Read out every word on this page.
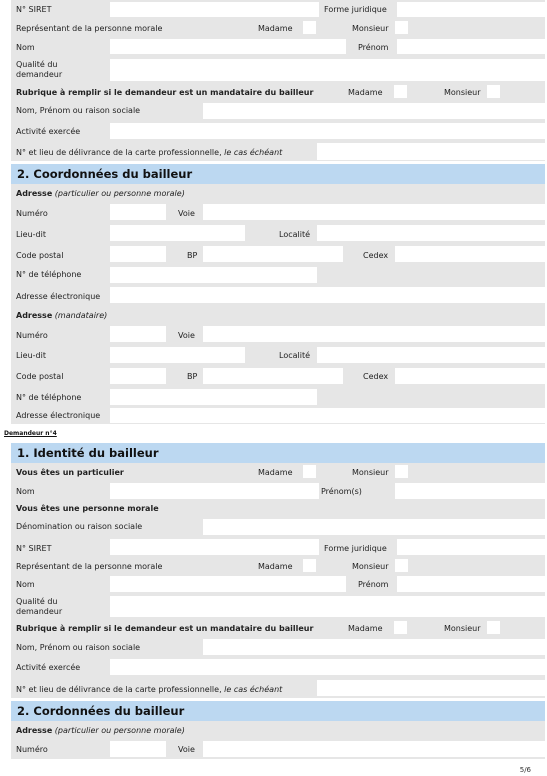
N° SIRET	Forme juridique
Représentant de la personne morale	Madame	Monsieur
Nom	Prénom
Qualité du
demandeur
Rubrique à remplir si le demandeur est un mandataire du bailleur	Madame	Monsieur
Nom, Prénom ou raison sociale
Activité exercée
N° et lieu de délivrance de la carte professionnelle, le cas échéant
2. Coordonnées du bailleur
Adresse (particulier ou personne morale)
Numéro	Voie
Lieu-dit	Localité
Code postal	BP	Cedex
N° de téléphone
Adresse électronique
Adresse (mandataire)
Numéro	Voie
Lieu-dit	Localité
Code postal	BP	Cedex
N° de téléphone
Adresse électronique
Demandeur n°4
1. Identité du bailleur
Vous êtes un particulier	Madame	Monsieur
Nom	Prénom(s)
Vous êtes une personne morale
Dénomination ou raison sociale
N° SIRET	Forme juridique
Représentant de la personne morale	Madame	Monsieur
Nom	Prénom
Qualité du
demandeur
Rubrique à remplir si le demandeur est un mandataire du bailleur	Madame	Monsieur
Nom, Prénom ou raison sociale
Activité exercée
N° et lieu de délivrance de la carte professionnelle, le cas échéant
2. Cordonnées du bailleur
Adresse (particulier ou personne morale)
Numéro	Voie
5/6
